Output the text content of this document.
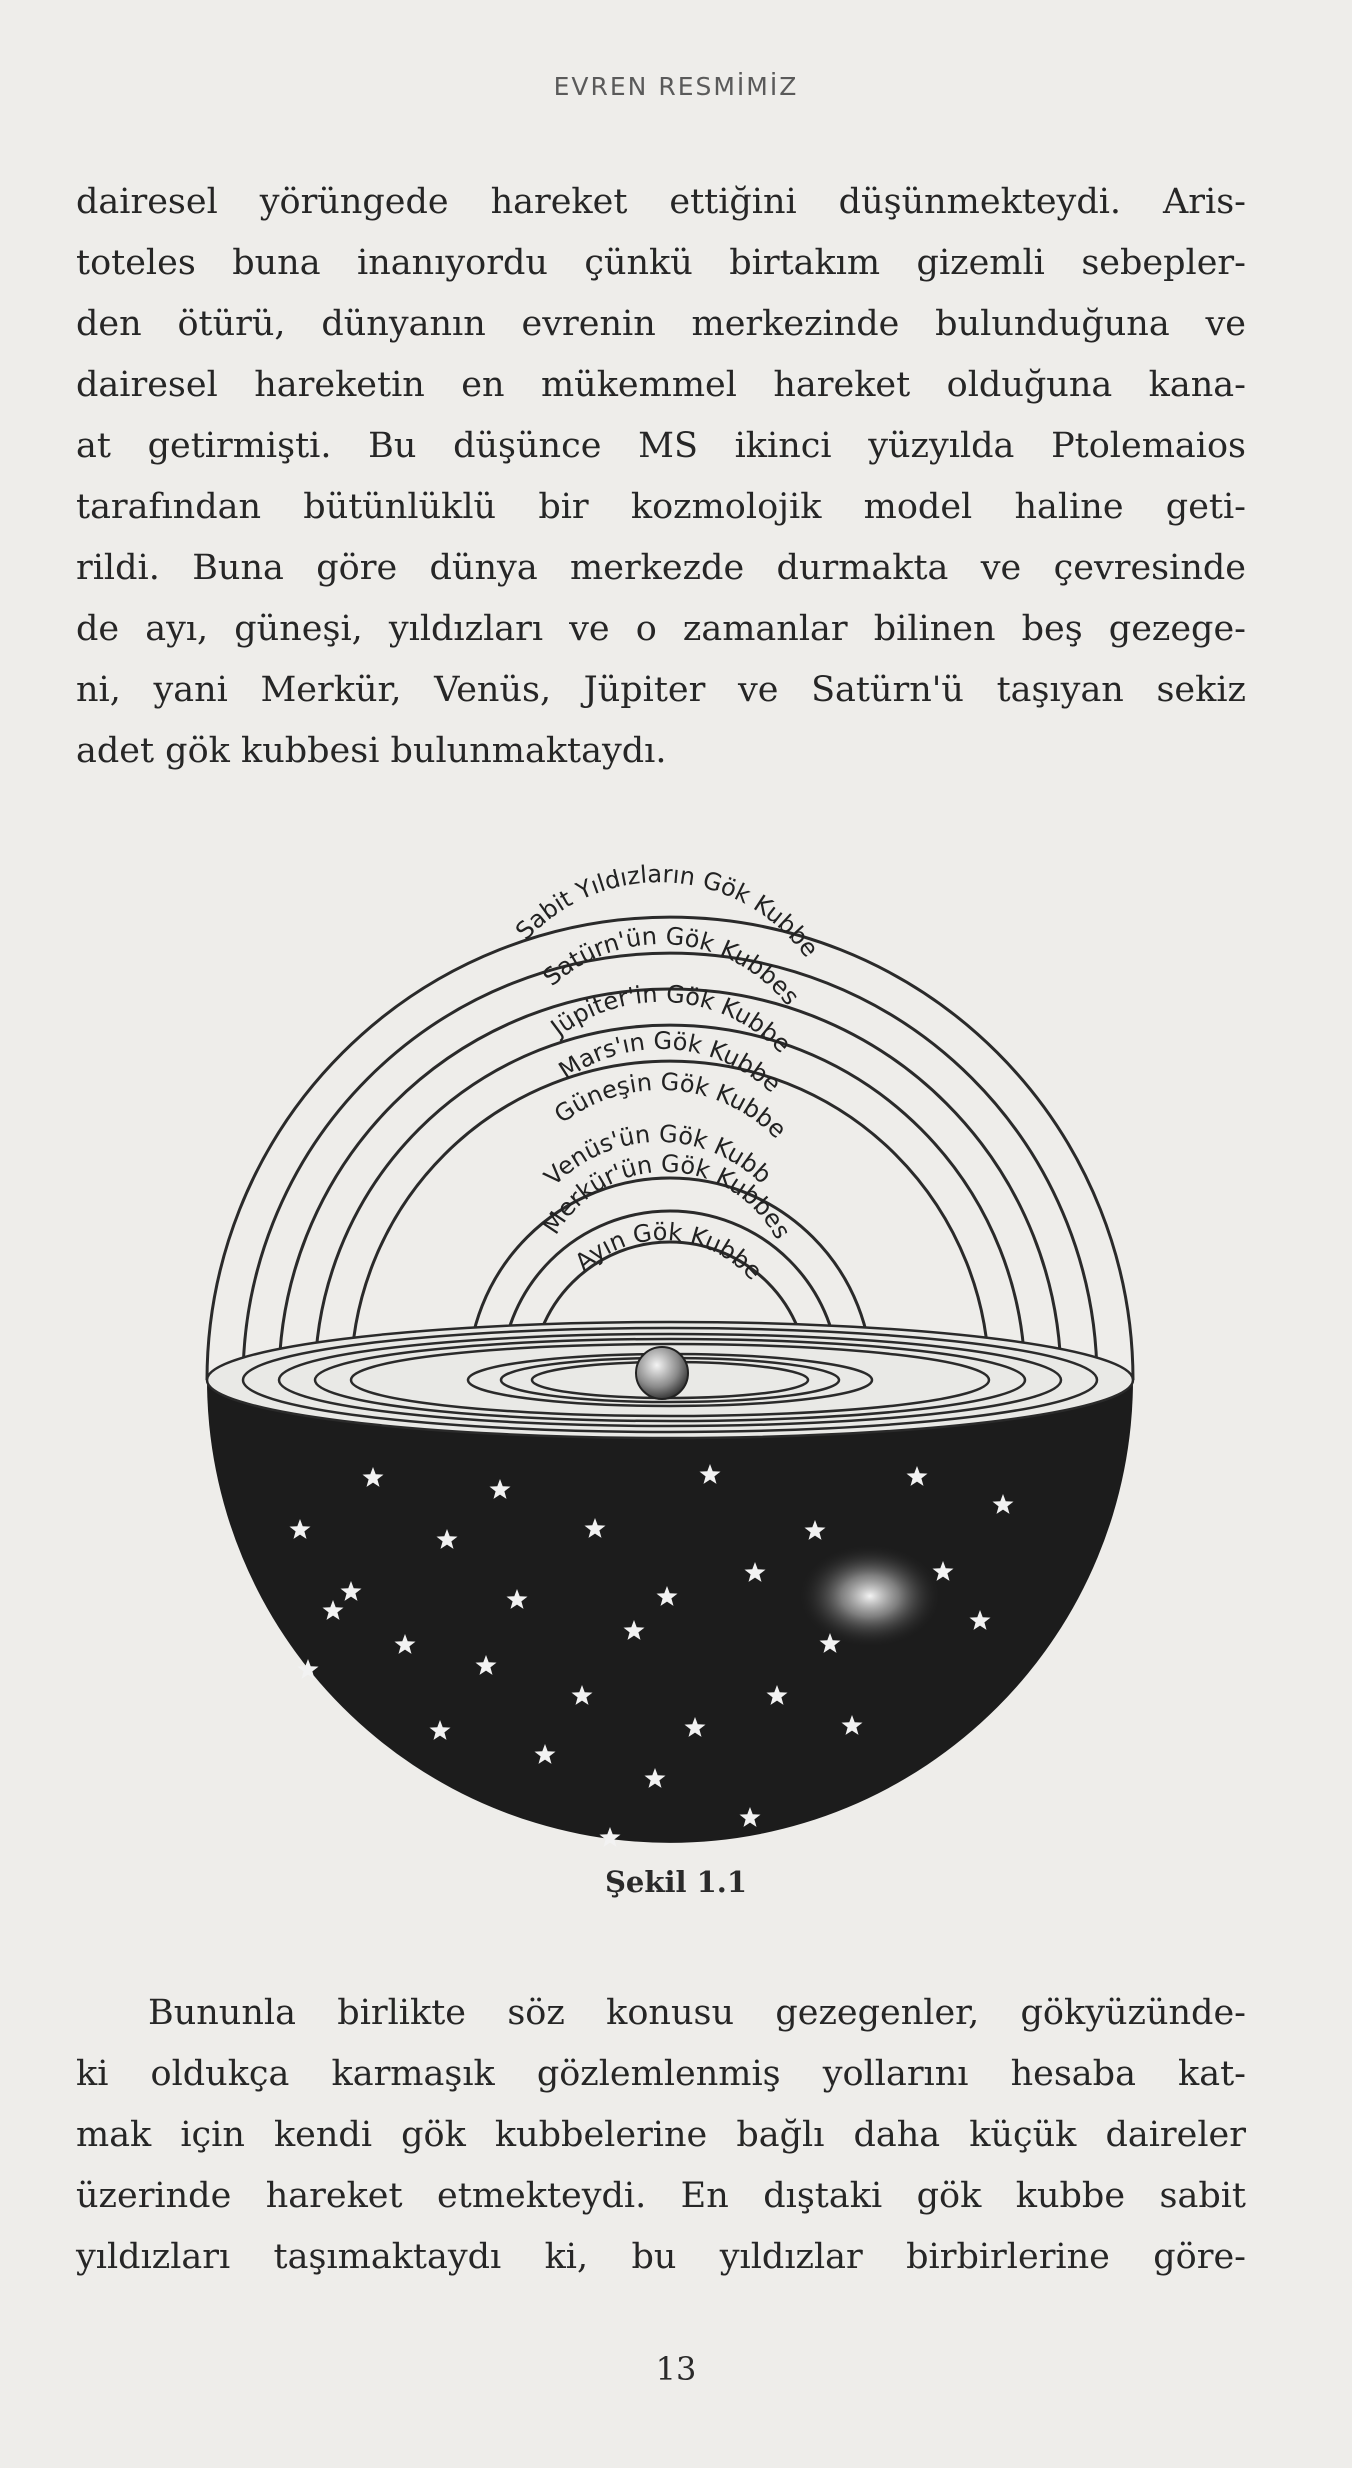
EVREN RESMİMİZ
dairesel yörüngede hareket ettiğini düşünmekteydi. Aris-
toteles buna inanıyordu çünkü birtakım gizemli sebepler-
den ötürü, dünyanın evrenin merkezinde bulunduğuna ve
dairesel hareketin en mükemmel hareket olduğuna kana-
at getirmişti. Bu düşünce MS ikinci yüzyılda Ptolemaios
tarafından bütünlüklü bir kozmolojik model haline geti-
rildi. Buna göre dünya merkezde durmakta ve çevresinde
de ayı, güneşi, yıldızları ve o zamanlar bilinen beş gezege-
ni, yani Merkür, Venüs, Jüpiter ve Satürn'ü taşıyan sekiz
adet gök kubbesi bulunmaktaydı.
Sabit Yıldızların Gök Kubbe
Satürn'ün Gök Kubbes
Jüpiter'in Gök Kubbe
Mars'ın Gök Kubbe
Güneşin Gök Kubbe
Venüs'ün Gök Kubb
Merkür'ün Gök Kubbes
Ayın Gök Kubbe
Şekil 1.1
Bununla birlikte söz konusu gezegenler, gökyüzünde-
ki oldukça karmaşık gözlemlenmiş yollarını hesaba kat-
mak için kendi gök kubbelerine bağlı daha küçük daireler
üzerinde hareket etmekteydi. En dıştaki gök kubbe sabit
yıldızları taşımaktaydı ki, bu yıldızlar birbirlerine göre-
13
